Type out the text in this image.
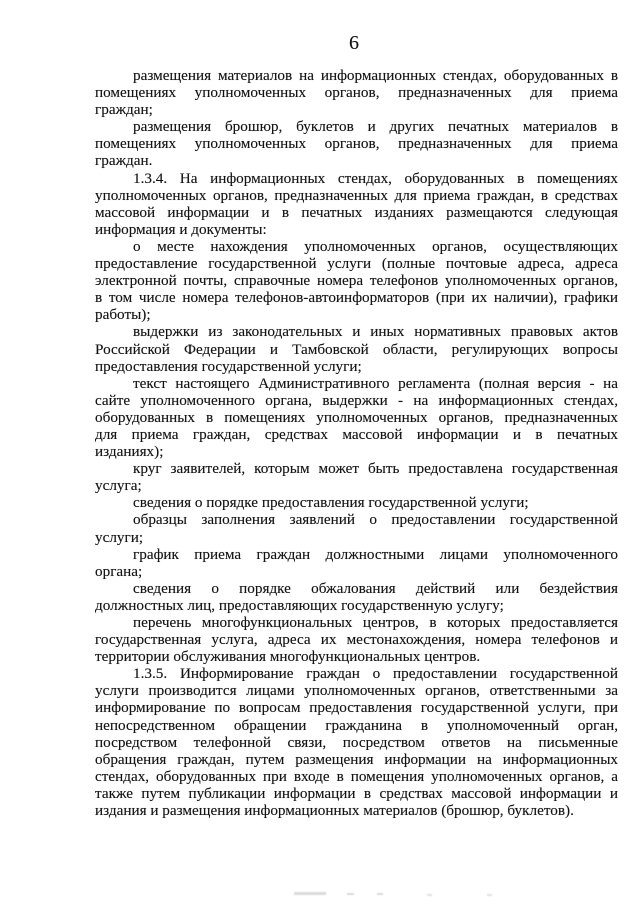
6
размещения материалов на информационных стендах, оборудованных в
помещениях уполномоченных органов, предназначенных для приема
граждан;
размещения брошюр, буклетов и других печатных материалов в
помещениях уполномоченных органов, предназначенных для приема
граждан.
1.3.4. На информационных стендах, оборудованных в помещениях
уполномоченных органов, предназначенных для приема граждан, в средствах
массовой информации и в печатных изданиях размещаются следующая
информация и документы:
о месте нахождения уполномоченных органов, осуществляющих
предоставление государственной услуги (полные почтовые адреса, адреса
электронной почты, справочные номера телефонов уполномоченных органов,
в том числе номера телефонов-автоинформаторов (при их наличии), графики
работы);
выдержки из законодательных и иных нормативных правовых актов
Российской Федерации и Тамбовской области, регулирующих вопросы
предоставления государственной услуги;
текст настоящего Административного регламента (полная версия - на
сайте уполномоченного органа, выдержки - на информационных стендах,
оборудованных в помещениях уполномоченных органов, предназначенных
для приема граждан, средствах массовой информации и в печатных
изданиях);
круг заявителей, которым может быть предоставлена государственная
услуга;
сведения о порядке предоставления государственной услуги;
образцы заполнения заявлений о предоставлении государственной
услуги;
график приема граждан должностными лицами уполномоченного
органа;
сведения о порядке обжалования действий или бездействия
должностных лиц, предоставляющих государственную услугу;
перечень многофункциональных центров, в которых предоставляется
государственная услуга, адреса их местонахождения, номера телефонов и
территории обслуживания многофункциональных центров.
1.3.5. Информирование граждан о предоставлении государственной
услуги производится лицами уполномоченных органов, ответственными за
информирование по вопросам предоставления государственной услуги, при
непосредственном обращении гражданина в уполномоченный орган,
посредством телефонной связи, посредством ответов на письменные
обращения граждан, путем размещения информации на информационных
стендах, оборудованных при входе в помещения уполномоченных органов, а
также путем публикации информации в средствах массовой информации и
издания и размещения информационных материалов (брошюр, буклетов).
